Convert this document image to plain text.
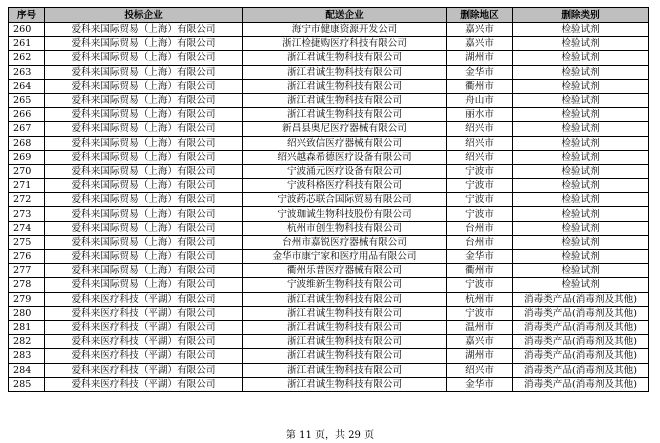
序号	投标企业	配送企业	删除地区	删除类别
260	爱科来国际贸易（上海）有限公司	海宁市健康资源开发公司	嘉兴市	检验试剂
261	爱科来国际贸易（上海）有限公司	浙江检捷购医疗科技有限公司	嘉兴市	检验试剂
262	爱科来国际贸易（上海）有限公司	浙江君诚生物科技有限公司	湖州市	检验试剂
263	爱科来国际贸易（上海）有限公司	浙江君诚生物科技有限公司	金华市	检验试剂
264	爱科来国际贸易（上海）有限公司	浙江君诚生物科技有限公司	衢州市	检验试剂
265	爱科来国际贸易（上海）有限公司	浙江君诚生物科技有限公司	舟山市	检验试剂
266	爱科来国际贸易（上海）有限公司	浙江君诚生物科技有限公司	丽水市	检验试剂
267	爱科来国际贸易（上海）有限公司	新昌县奥尼医疗器械有限公司	绍兴市	检验试剂
268	爱科来国际贸易（上海）有限公司	绍兴致信医疗器械有限公司	绍兴市	检验试剂
269	爱科来国际贸易（上海）有限公司	绍兴越森希德医疗设备有限公司	绍兴市	检验试剂
270	爱科来国际贸易（上海）有限公司	宁波涌元医疗设备有限公司	宁波市	检验试剂
271	爱科来国际贸易（上海）有限公司	宁波科格医疗科技有限公司	宁波市	检验试剂
272	爱科来国际贸易（上海）有限公司	宁波药芯联合国际贸易有限公司	宁波市	检验试剂
273	爱科来国际贸易（上海）有限公司	宁波珈诚生物科技股份有限公司	宁波市	检验试剂
274	爱科来国际贸易（上海）有限公司	杭州市创生物科技有限公司	台州市	检验试剂
275	爱科来国际贸易（上海）有限公司	台州市嘉锐医疗器械有限公司	台州市	检验试剂
276	爱科来国际贸易（上海）有限公司	金华市康宁家和医疗用品有限公司	金华市	检验试剂
277	爱科来国际贸易（上海）有限公司	衢州乐普医疗器械有限公司	衢州市	检验试剂
278	爱科来国际贸易（上海）有限公司	宁波维新生物科技有限公司	宁波市	检验试剂
279	爱科来医疗科技（平湖）有限公司	浙江君诚生物科技有限公司	杭州市	消毒类产品(消毒剂及其他)
280	爱科来医疗科技（平湖）有限公司	浙江君诚生物科技有限公司	宁波市	消毒类产品(消毒剂及其他)
281	爱科来医疗科技（平湖）有限公司	浙江君诚生物科技有限公司	温州市	消毒类产品(消毒剂及其他)
282	爱科来医疗科技（平湖）有限公司	浙江君诚生物科技有限公司	嘉兴市	消毒类产品(消毒剂及其他)
283	爱科来医疗科技（平湖）有限公司	浙江君诚生物科技有限公司	湖州市	消毒类产品(消毒剂及其他)
284	爱科来医疗科技（平湖）有限公司	浙江君诚生物科技有限公司	绍兴市	消毒类产品(消毒剂及其他)
285	爱科来医疗科技（平湖）有限公司	浙江君诚生物科技有限公司	金华市	消毒类产品(消毒剂及其他)
第 11 页，共 29 页
